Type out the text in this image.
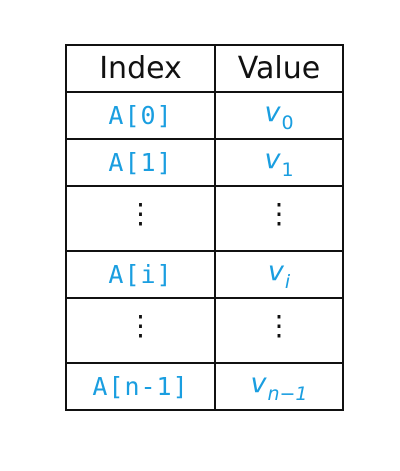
Index	Value
A[0]	$v_0$
A[1]	$v_1$
⋮	⋮
A[i]	$v_i$
⋮	⋮
A[n-1]	$v_{n-1}$
